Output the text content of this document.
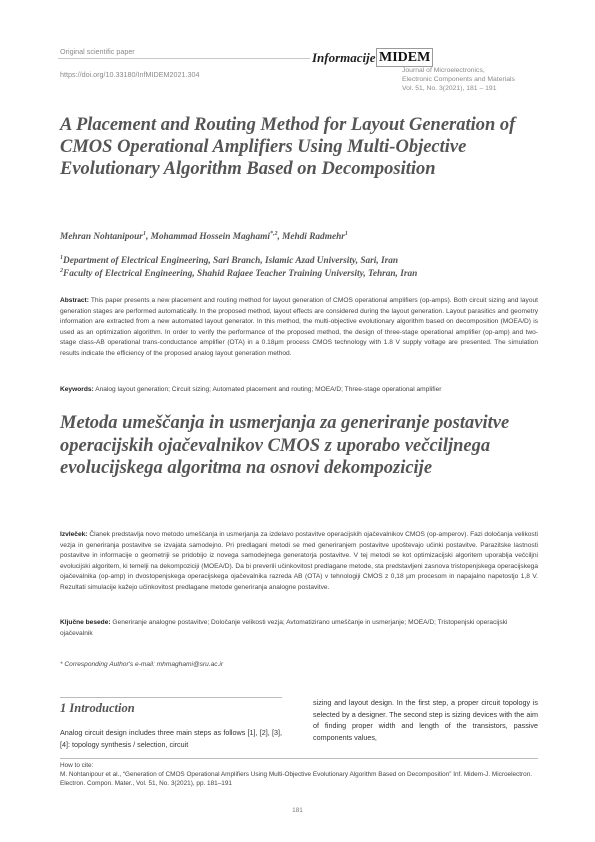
Original scientific paper
https://doi.org/10.33180/InfMIDEM2021.304
Informacije MIDEM
Journal of Microelectronics,
Electronic Components and Materials
Vol. 51, No. 3(2021), 181 – 191
A Placement and Routing Method for Layout Generation of CMOS Operational Amplifiers Using Multi-Objective Evolutionary Algorithm Based on Decomposition
Mehran Nohtanipour$^1$, Mohammad Hossein Maghami$^{*,2}$, Mehdi Radmehr$^1$
$^1$Department of Electrical Engineering, Sari Branch, Islamic Azad University, Sari, Iran
$^2$Faculty of Electrical Engineering, Shahid Rajaee Teacher Training University, Tehran, Iran

Abstract: This paper presents a new placement and routing method for layout generation of CMOS operational amplifiers (op-amps). Both circuit sizing and layout generation stages are performed automatically. In the proposed method, layout effects are considered during the layout generation. Layout parasitics and geometry information are extracted from a new automated layout generator. In this method, the multi-objective evolutionary algorithm based on decomposition (MOEA/D) is used as an optimization algorithm. In order to verify the performance of the proposed method, the design of three-stage operational amplifier (op-amp) and two-stage class-AB operational trans-conductance amplifier (OTA) in a 0.18µm process CMOS technology with 1.8 V supply voltage are presented. The simulation results indicate the efficiency of the proposed analog layout generation method.

Keywords: Analog layout generation; Circuit sizing; Automated placement and routing; MOEA/D; Three-stage operational amplifier

Metoda umeščanja in usmerjanja za generiranje postavitve operacijskih ojačevalnikov CMOS z uporabo večciljnega evolucijskega algoritma na osnovi dekompozicije

Izvleček: Članek predstavlja novo metodo umeščanja in usmerjanja za izdelavo postavitve operacijskih ojačevalnikov CMOS (op-amperov). Fazi določanja velikosti vezja in generiranja postavitve se izvajata samodejno. Pri predlagani metodi se med generiranjem postavitve upoštevajo učinki postavitve. Parazitske lastnosti postavitve in informacije o geometriji se pridobijo iz novega samodejnega generatorja postavitve. V tej metodi se kot optimizacijski algoritem uporablja večciljni evolucijski algoritem, ki temelji na dekompoziciji (MOEA/D). Da bi preverili učinkovitost predlagane metode, sta predstavljeni zasnova tristopenjskega operacijskega ojačevalnika (op-amp) in dvostopenjskega operacijskega ojačevalnika razreda AB (OTA) v tehnologiji CMOS z 0,18 µm procesom in napajalno napetostjo 1,8 V. Rezultati simulacije kažejo učinkovitost predlagane metode generiranja analogne postavitve.

Ključne besede: Generiranje analogne postavitve; Določanje velikosti vezja; Avtomatizirano umeščanje in usmerjanje; MOEA/D; Tristopenjski operacijski ojačevalnik

* Corresponding Author's e-mail: mhmaghami@sru.ac.ir
1 Introduction

Analog circuit design includes three main steps as follows [1], [2], [3], [4]: topology synthesis / selection, circuit

sizing and layout design. In the first step, a proper circuit topology is selected by a designer. The second step is sizing devices with the aim of finding proper width and length of the transistors, passive components values,

How to cite:
M. Nohtanipour et al., “Generation of CMOS Operational Amplifiers Using Multi-Objective Evolutionary Algorithm Based on Decomposition” Inf. Midem-J. Microelectron. Electron. Compon. Mater., Vol. 51, No. 3(2021), pp. 181–191
181
